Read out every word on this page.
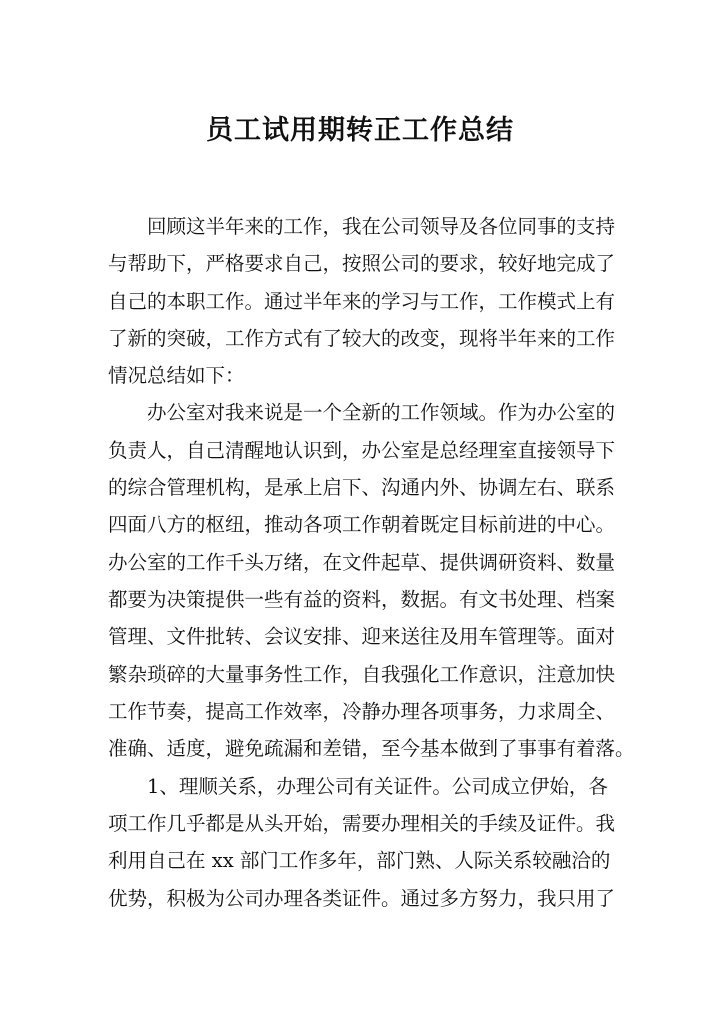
员工试用期转正工作总结

　　回顾这半年来的工作，我在公司领导及各位同事的支持

与帮助下，严格要求自己，按照公司的要求，较好地完成了

自己的本职工作。通过半年来的学习与工作，工作模式上有

了新的突破，工作方式有了较大的改变，现将半年来的工作

情况总结如下：

　　办公室对我来说是一个全新的工作领域。作为办公室的

负责人，自己清醒地认识到，办公室是总经理室直接领导下

的综合管理机构，是承上启下、沟通内外、协调左右、联系

四面八方的枢纽，推动各项工作朝着既定目标前进的中心。

办公室的工作千头万绪，在文件起草、提供调研资料、数量

都要为决策提供一些有益的资料，数据。有文书处理、档案

管理、文件批转、会议安排、迎来送往及用车管理等。面对

繁杂琐碎的大量事务性工作，自我强化工作意识，注意加快

工作节奏，提高工作效率，冷静办理各项事务，力求周全、

准确、适度，避免疏漏和差错，至今基本做到了事事有着落。

　　1、理顺关系，办理公司有关证件。公司成立伊始，各

项工作几乎都是从头开始，需要办理相关的手续及证件。我

利用自己在 xx 部门工作多年，部门熟、人际关系较融洽的

优势，积极为公司办理各类证件。通过多方努力，我只用了
